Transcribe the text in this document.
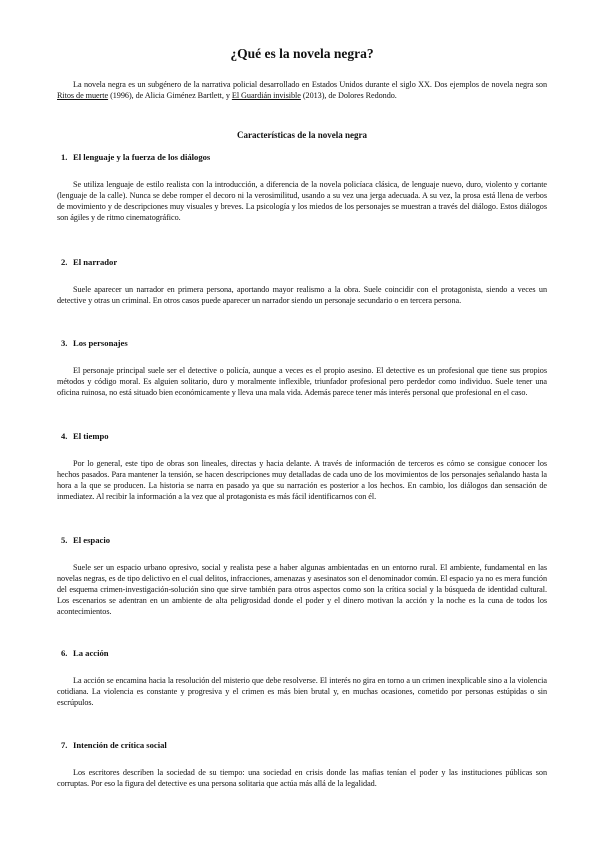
¿Qué es la novela negra?

La novela negra es un subgénero de la narrativa policial desarrollado en Estados Unidos durante el siglo XX. Dos ejemplos de novela negra son Ritos de muerte (1996), de Alicia Giménez Bartlett, y El Guardián invisible (2013), de Dolores Redondo.

Características de la novela negra
1. El lenguaje y la fuerza de los diálogos

Se utiliza lenguaje de estilo realista con la introducción, a diferencia de la novela policíaca clásica, de lenguaje nuevo, duro, violento y cortante (lenguaje de la calle). Nunca se debe romper el decoro ni la verosimilitud, usando a su vez una jerga adecuada. A su vez, la prosa está llena de verbos de movimiento y de descripciones muy visuales y breves. La psicología y los miedos de los personajes se muestran a través del diálogo. Estos diálogos son ágiles y de ritmo cinematográfico.

2. El narrador

Suele aparecer un narrador en primera persona, aportando mayor realismo a la obra. Suele coincidir con el protagonista, siendo a veces un detective y otras un criminal. En otros casos puede aparecer un narrador siendo un personaje secundario o en tercera persona.

3. Los personajes

El personaje principal suele ser el detective o policía, aunque a veces es el propio asesino. El detective es un profesional que tiene sus propios métodos y código moral. Es alguien solitario, duro y moralmente inflexible, triunfador profesional pero perdedor como individuo. Suele tener una oficina ruinosa, no está situado bien económicamente y lleva una mala vida. Además parece tener más interés personal que profesional en el caso.

4. El tiempo

Por lo general, este tipo de obras son lineales, directas y hacia delante. A través de información de terceros es cómo se consigue conocer los hechos pasados. Para mantener la tensión, se hacen descripciones muy detalladas de cada uno de los movimientos de los personajes señalando hasta la hora a la que se producen. La historia se narra en pasado ya que su narración es posterior a los hechos. En cambio, los diálogos dan sensación de inmediatez. Al recibir la información a la vez que al protagonista es más fácil identificarnos con él.

5. El espacio

Suele ser un espacio urbano opresivo, social y realista pese a haber algunas ambientadas en un entorno rural. El ambiente, fundamental en las novelas negras, es de tipo delictivo en el cual delitos, infracciones, amenazas y asesinatos son el denominador común. El espacio ya no es mera función del esquema crimen-investigación-solución sino que sirve también para otros aspectos como son la crítica social y la búsqueda de identidad cultural. Los escenarios se adentran en un ambiente de alta peligrosidad donde el poder y el dinero motivan la acción y la noche es la cuna de todos los acontecimientos.

6. La acción

La acción se encamina hacia la resolución del misterio que debe resolverse. El interés no gira en torno a un crimen inexplicable sino a la violencia cotidiana. La violencia es constante y progresiva y el crimen es más bien brutal y, en muchas ocasiones, cometido por personas estúpidas o sin escrúpulos.

7. Intención de crítica social

Los escritores describen la sociedad de su tiempo: una sociedad en crisis donde las mafias tenían el poder y las instituciones públicas son corruptas. Por eso la figura del detective es una persona solitaria que actúa más allá de la legalidad.
